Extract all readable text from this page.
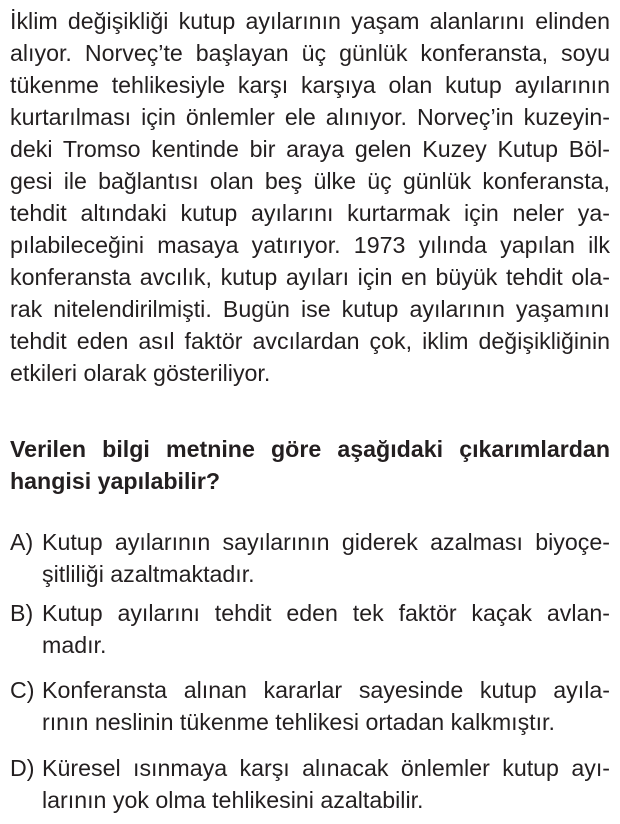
İklim değişikliği kutup ayılarının yaşam alanlarını elinden
alıyor. Norveç’te başlayan üç günlük konferansta, soyu
tükenme tehlikesiyle karşı karşıya olan kutup ayılarının
kurtarılması için önlemler ele alınıyor. Norveç’in kuzeyin-
deki Tromso kentinde bir araya gelen Kuzey Kutup Böl-
gesi ile bağlantısı olan beş ülke üç günlük konferansta,
tehdit altındaki kutup ayılarını kurtarmak için neler ya-
pılabileceğini masaya yatırıyor. 1973 yılında yapılan ilk
konferansta avcılık, kutup ayıları için en büyük tehdit ola-
rak nitelendirilmişti. Bugün ise kutup ayılarının yaşamını
tehdit eden asıl faktör avcılardan çok, iklim değişikliğinin
etkileri olarak gösteriliyor.
Verilen bilgi metnine göre aşağıdaki çıkarımlardan
hangisi yapılabilir?
A) Kutup ayılarının sayılarının giderek azalması biyoçe-
şitliliği azaltmaktadır.
B) Kutup ayılarını tehdit eden tek faktör kaçak avlan-
madır.
C) Konferansta alınan kararlar sayesinde kutup ayıla-
rının neslinin tükenme tehlikesi ortadan kalkmıştır.
D) Küresel ısınmaya karşı alınacak önlemler kutup ayı-
larının yok olma tehlikesini azaltabilir.
